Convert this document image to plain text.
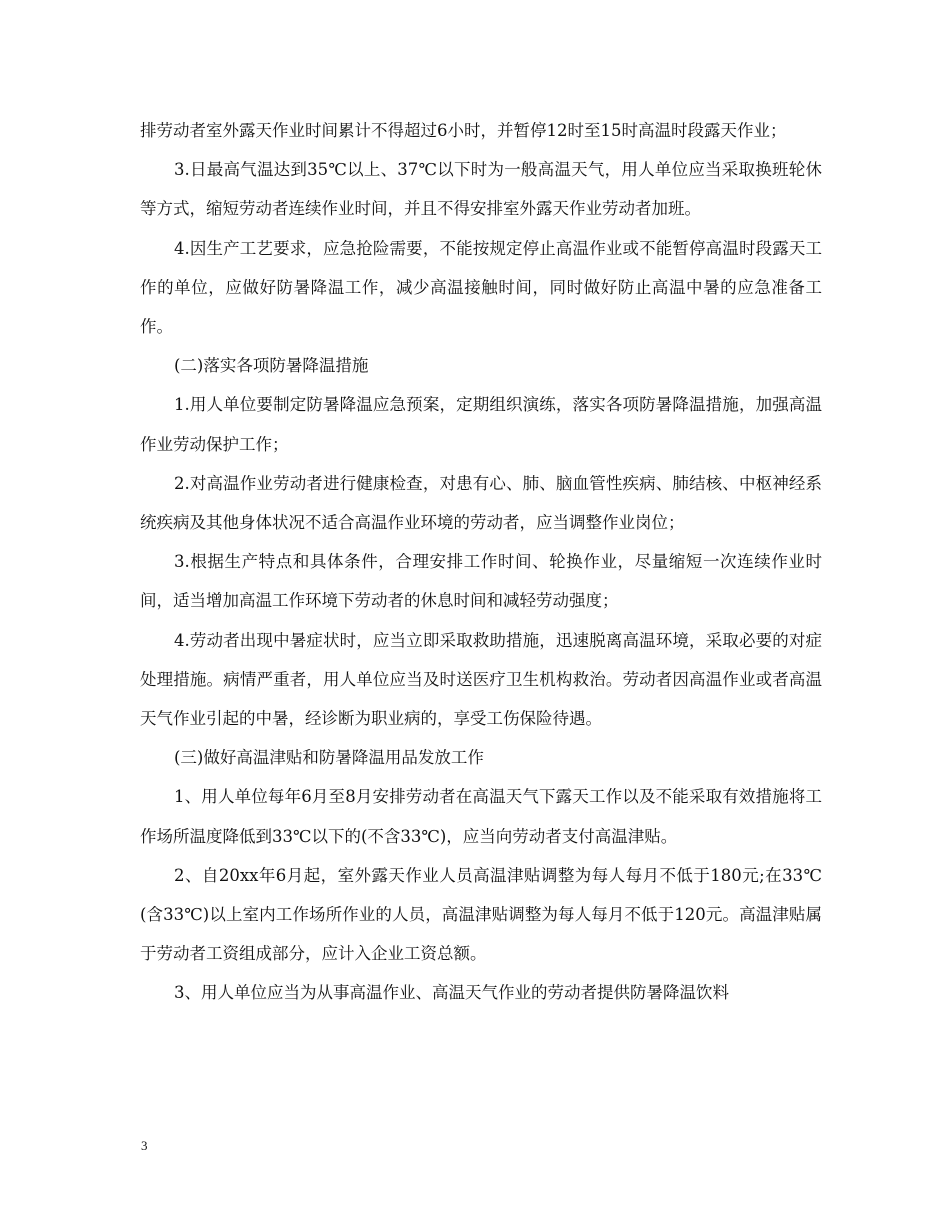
排劳动者室外露天作业时间累计不得超过6小时，并暂停12时至15时高温时段露天作业；

3.日最高气温达到35℃以上、37℃以下时为一般高温天气，用人单位应当采取换班轮休等方式，缩短劳动者连续作业时间，并且不得安排室外露天作业劳动者加班。

4.因生产工艺要求，应急抢险需要，不能按规定停止高温作业或不能暂停高温时段露天工作的单位，应做好防暑降温工作，减少高温接触时间，同时做好防止高温中暑的应急准备工作。

(二)落实各项防暑降温措施

1.用人单位要制定防暑降温应急预案，定期组织演练，落实各项防暑降温措施，加强高温作业劳动保护工作；

2.对高温作业劳动者进行健康检查，对患有心、肺、脑血管性疾病、肺结核、中枢神经系统疾病及其他身体状况不适合高温作业环境的劳动者，应当调整作业岗位；

3.根据生产特点和具体条件，合理安排工作时间、轮换作业，尽量缩短一次连续作业时间，适当增加高温工作环境下劳动者的休息时间和减轻劳动强度；

4.劳动者出现中暑症状时，应当立即采取救助措施，迅速脱离高温环境，采取必要的对症处理措施。病情严重者，用人单位应当及时送医疗卫生机构救治。劳动者因高温作业或者高温天气作业引起的中暑，经诊断为职业病的，享受工伤保险待遇。

(三)做好高温津贴和防暑降温用品发放工作

1、用人单位每年6月至8月安排劳动者在高温天气下露天工作以及不能采取有效措施将工作场所温度降低到33℃以下的(不含33℃)，应当向劳动者支付高温津贴。

2、自20xx年6月起，室外露天作业人员高温津贴调整为每人每月不低于180元;在33℃(含33℃)以上室内工作场所作业的人员，高温津贴调整为每人每月不低于120元。高温津贴属于劳动者工资组成部分，应计入企业工资总额。

3、用人单位应当为从事高温作业、高温天气作业的劳动者提供防暑降温饮料

3
